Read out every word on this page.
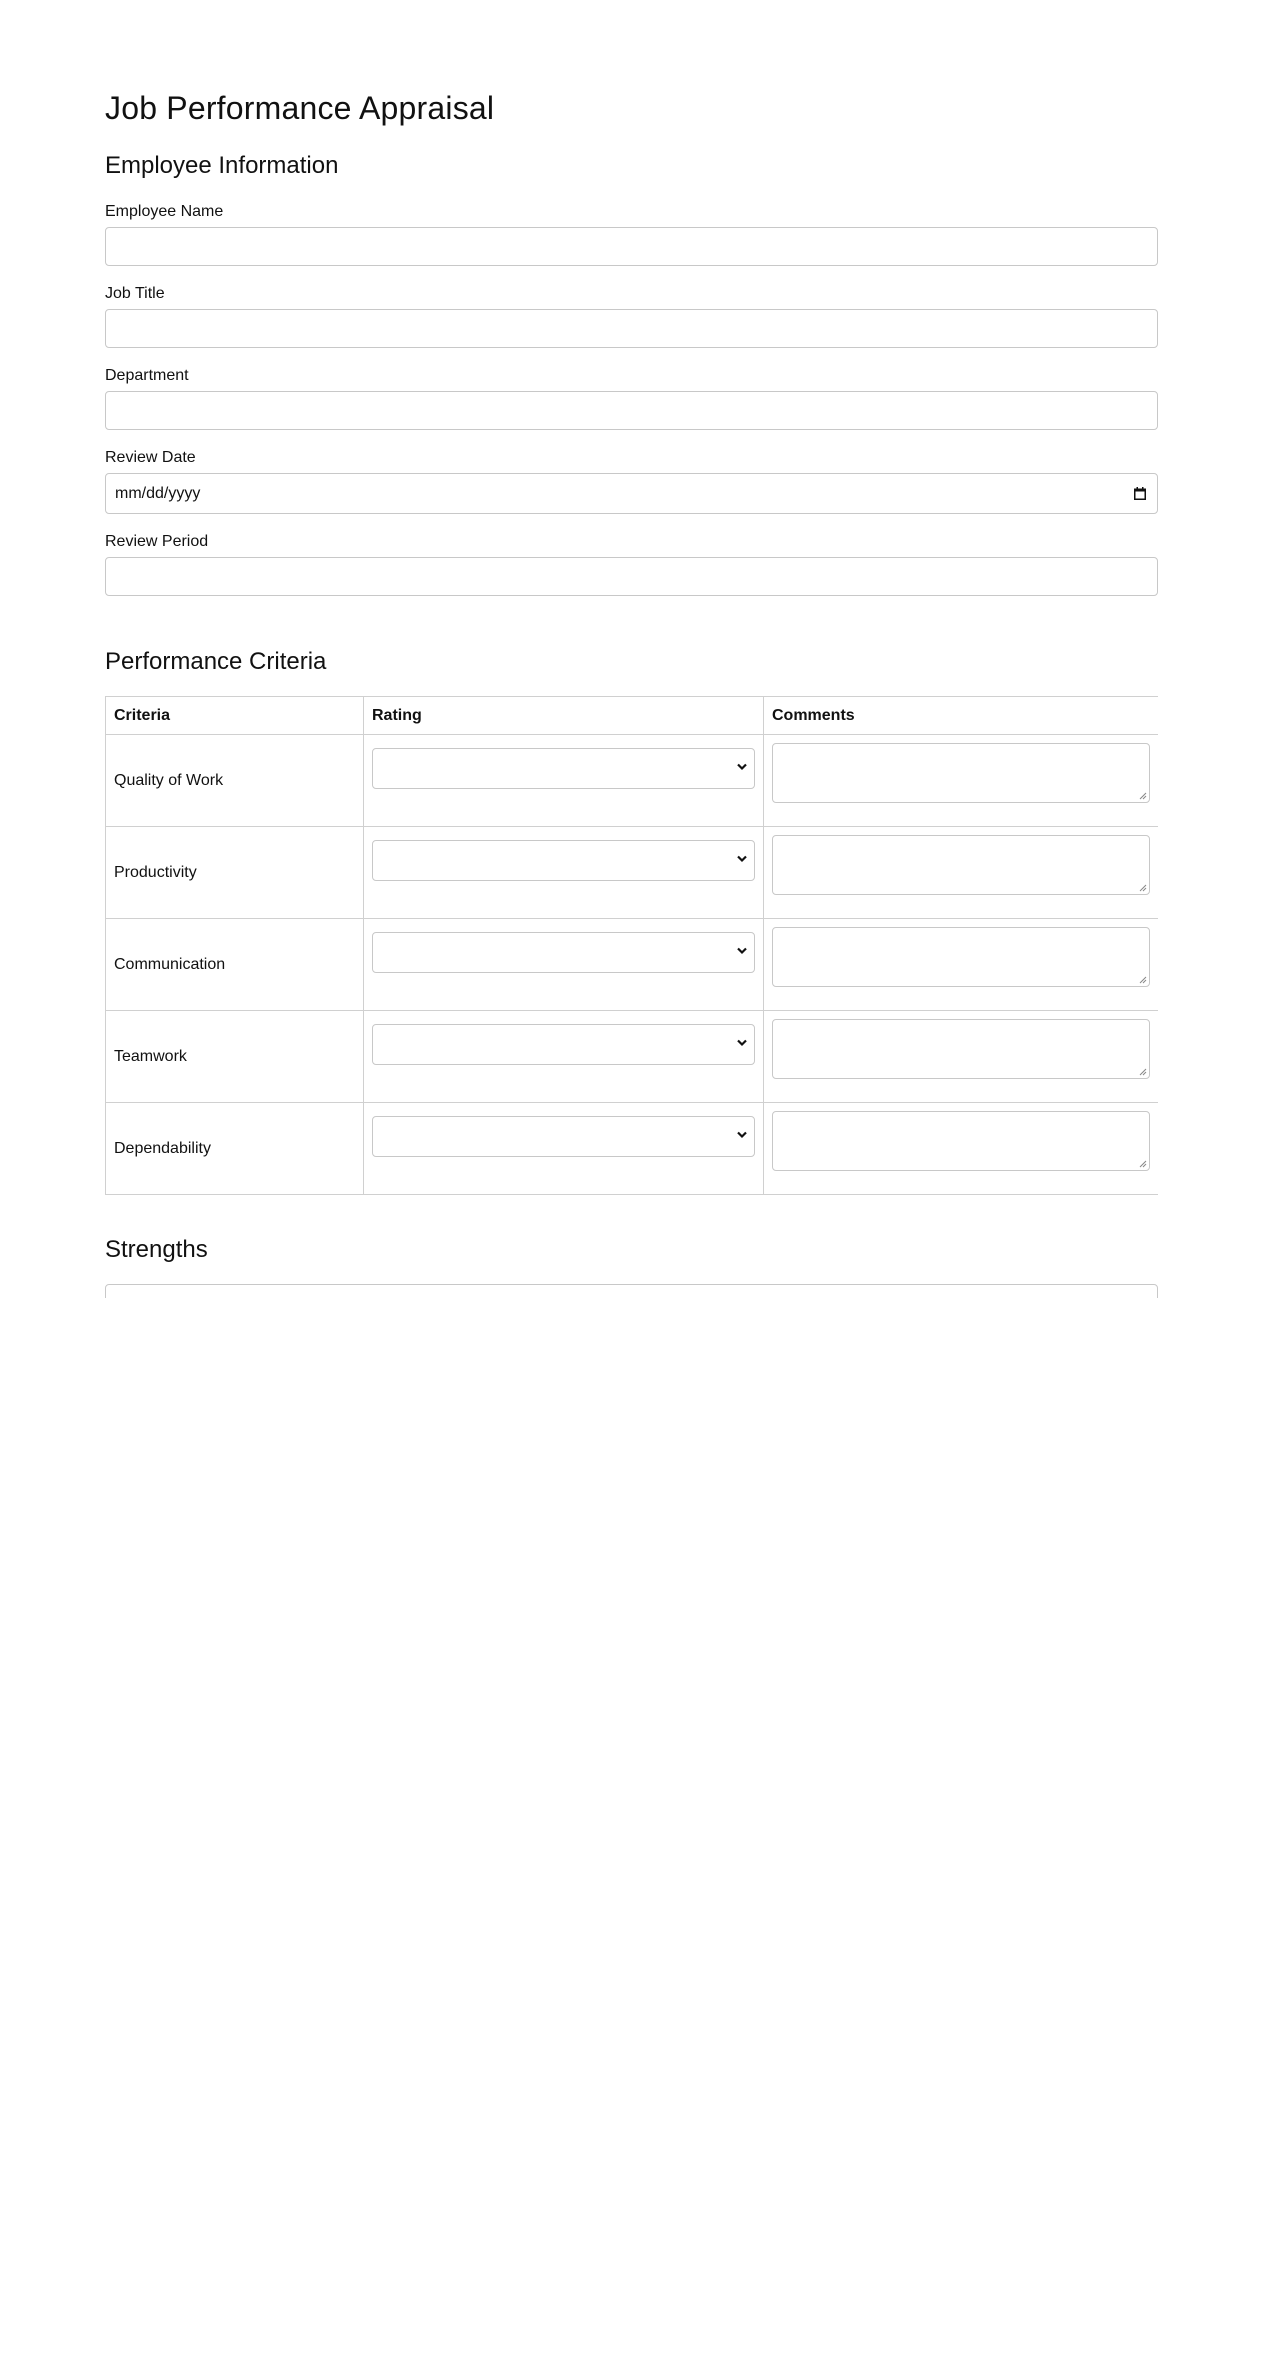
Job Performance Appraisal
Employee Information
Employee Name
Job Title
Department
Review Date
mm/dd/yyyy
Review Period
Performance Criteria
Criteria	Rating	Comments
Quality of Work	

Productivity	

Communication	

Teamwork	

Dependability	

Strengths
